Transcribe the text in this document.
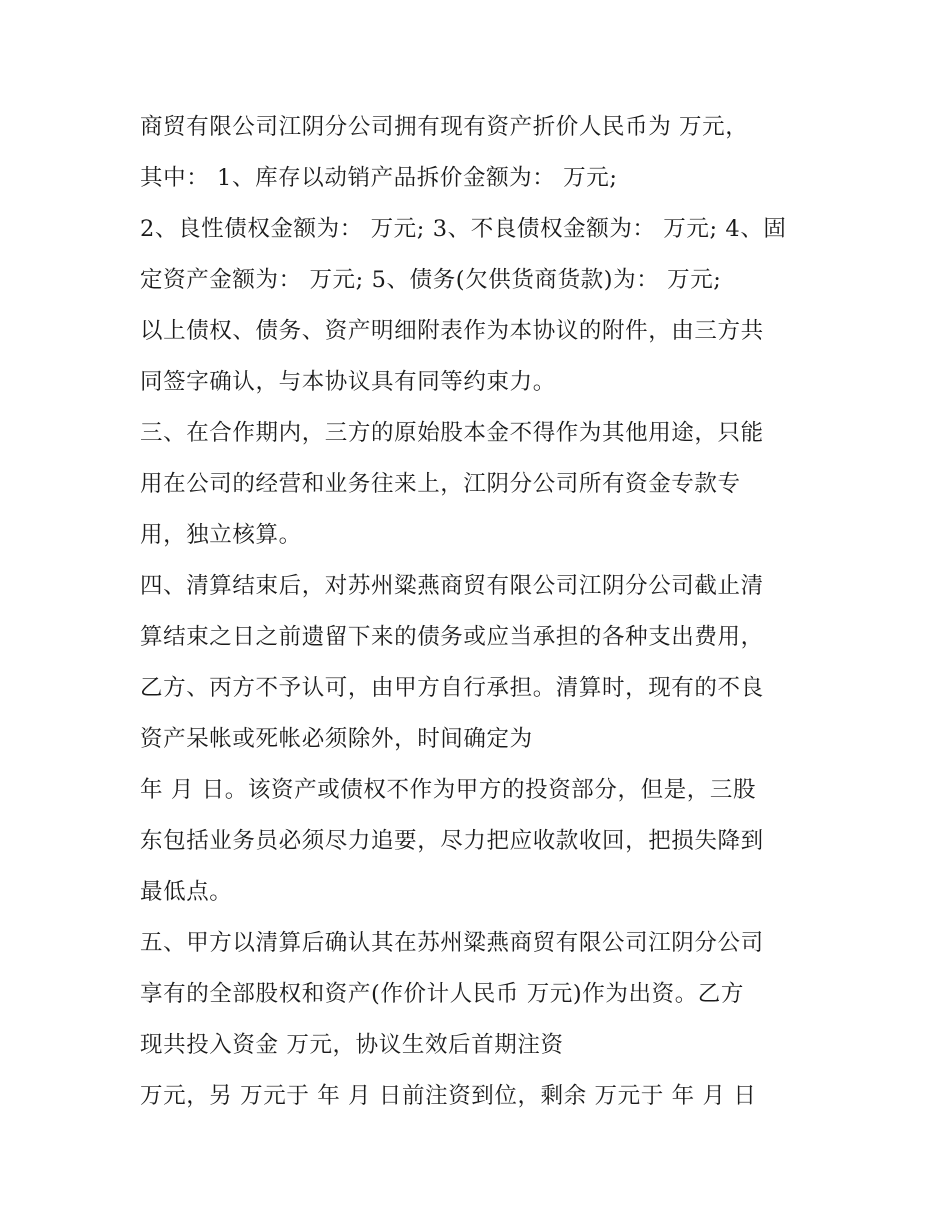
商贸有限公司江阴分公司拥有现有资产折价人民币为 万元，
其中： 1、库存以动销产品拆价金额为： 万元;
2、良性债权金额为： 万元; 3、不良债权金额为： 万元; 4、固
定资产金额为： 万元; 5、债务(欠供货商货款)为： 万元;
以上债权、债务、资产明细附表作为本协议的附件，由三方共
同签字确认，与本协议具有同等约束力。
三、在合作期内，三方的原始股本金不得作为其他用途，只能
用在公司的经营和业务往来上，江阴分公司所有资金专款专
用，独立核算。
四、清算结束后，对苏州粱燕商贸有限公司江阴分公司截止清
算结束之日之前遗留下来的债务或应当承担的各种支出费用，
乙方、丙方不予认可，由甲方自行承担。清算时，现有的不良
资产呆帐或死帐必须除外，时间确定为
年 月 日。该资产或债权不作为甲方的投资部分，但是，三股
东包括业务员必须尽力追要，尽力把应收款收回，把损失降到
最低点。
五、甲方以清算后确认其在苏州粱燕商贸有限公司江阴分公司
享有的全部股权和资产(作价计人民币 万元)作为出资。乙方
现共投入资金 万元，协议生效后首期注资
万元，另 万元于 年 月 日前注资到位，剩余 万元于 年 月 日
